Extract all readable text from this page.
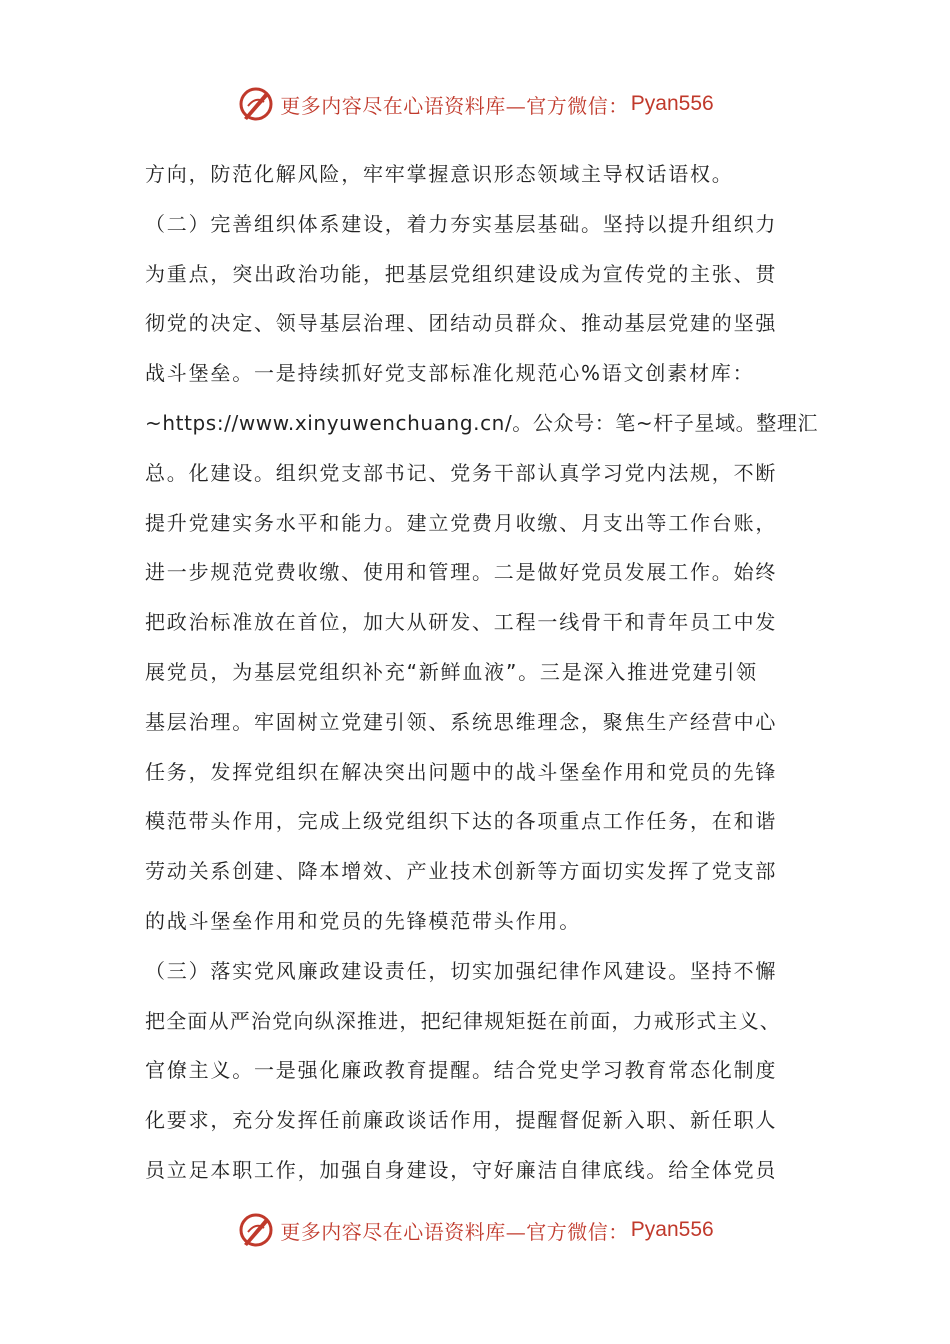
更多内容尽在心语资料库—官方微信： Pyan556
方向，防范化解风险，牢牢掌握意识形态领域主导权话语权。
（二）完善组织体系建设，着力夯实基层基础。坚持以提升组织力
为重点，突出政治功能，把基层党组织建设成为宣传党的主张、贯
彻党的决定、领导基层治理、团结动员群众、推动基层党建的坚强
战斗堡垒。一是持续抓好党支部标准化规范心%语文创素材库：
~https://www.xinyuwenchuang.cn/。公众号：笔~杆子星域。整理汇
总。化建设。组织党支部书记、党务干部认真学习党内法规，不断
提升党建实务水平和能力。建立党费月收缴、月支出等工作台账，
进一步规范党费收缴、使用和管理。二是做好党员发展工作。始终
把政治标准放在首位，加大从研发、工程一线骨干和青年员工中发
展党员，为基层党组织补充“新鲜血液”。三是深入推进党建引领
基层治理。牢固树立党建引领、系统思维理念，聚焦生产经营中心
任务，发挥党组织在解决突出问题中的战斗堡垒作用和党员的先锋
模范带头作用，完成上级党组织下达的各项重点工作任务，在和谐
劳动关系创建、降本增效、产业技术创新等方面切实发挥了党支部
的战斗堡垒作用和党员的先锋模范带头作用。
（三）落实党风廉政建设责任，切实加强纪律作风建设。坚持不懈
把全面从严治党向纵深推进，把纪律规矩挺在前面，力戒形式主义、
官僚主义。一是强化廉政教育提醒。结合党史学习教育常态化制度
化要求，充分发挥任前廉政谈话作用，提醒督促新入职、新任职人
员立足本职工作，加强自身建设，守好廉洁自律底线。给全体党员
更多内容尽在心语资料库—官方微信： Pyan556
